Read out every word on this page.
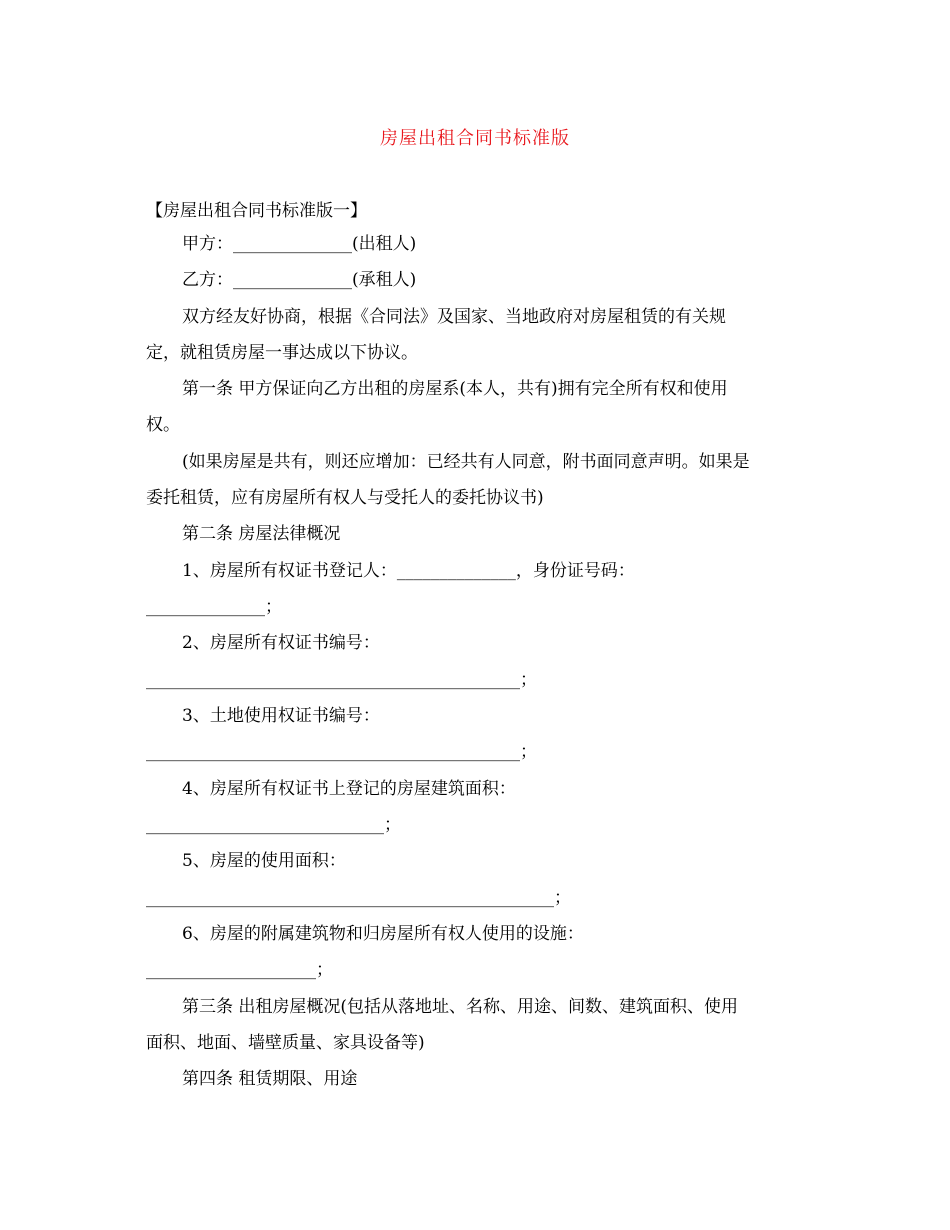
房屋出租合同书标准版
【房屋出租合同书标准版一】
甲方：______________(出租人)
乙方：______________(承租人)
双方经友好协商，根据《合同法》及国家、当地政府对房屋租赁的有关规
定，就租赁房屋一事达成以下协议。
第一条 甲方保证向乙方出租的房屋系(本人，共有)拥有完全所有权和使用
权。
(如果房屋是共有，则还应增加：已经共有人同意，附书面同意声明。如果是
委托租赁，应有房屋所有权人与受托人的委托协议书)
第二条 房屋法律概况
1、房屋所有权证书登记人：______________，身份证号码：
______________；
2、房屋所有权证书编号：
____________________________________________；
3、土地使用权证书编号：
____________________________________________；
4、房屋所有权证书上登记的房屋建筑面积：
____________________________；
5、房屋的使用面积：
________________________________________________；
6、房屋的附属建筑物和归房屋所有权人使用的设施：
____________________；
第三条 出租房屋概况(包括从落地址、名称、用途、间数、建筑面积、使用
面积、地面、墙壁质量、家具设备等)
第四条 租赁期限、用途
